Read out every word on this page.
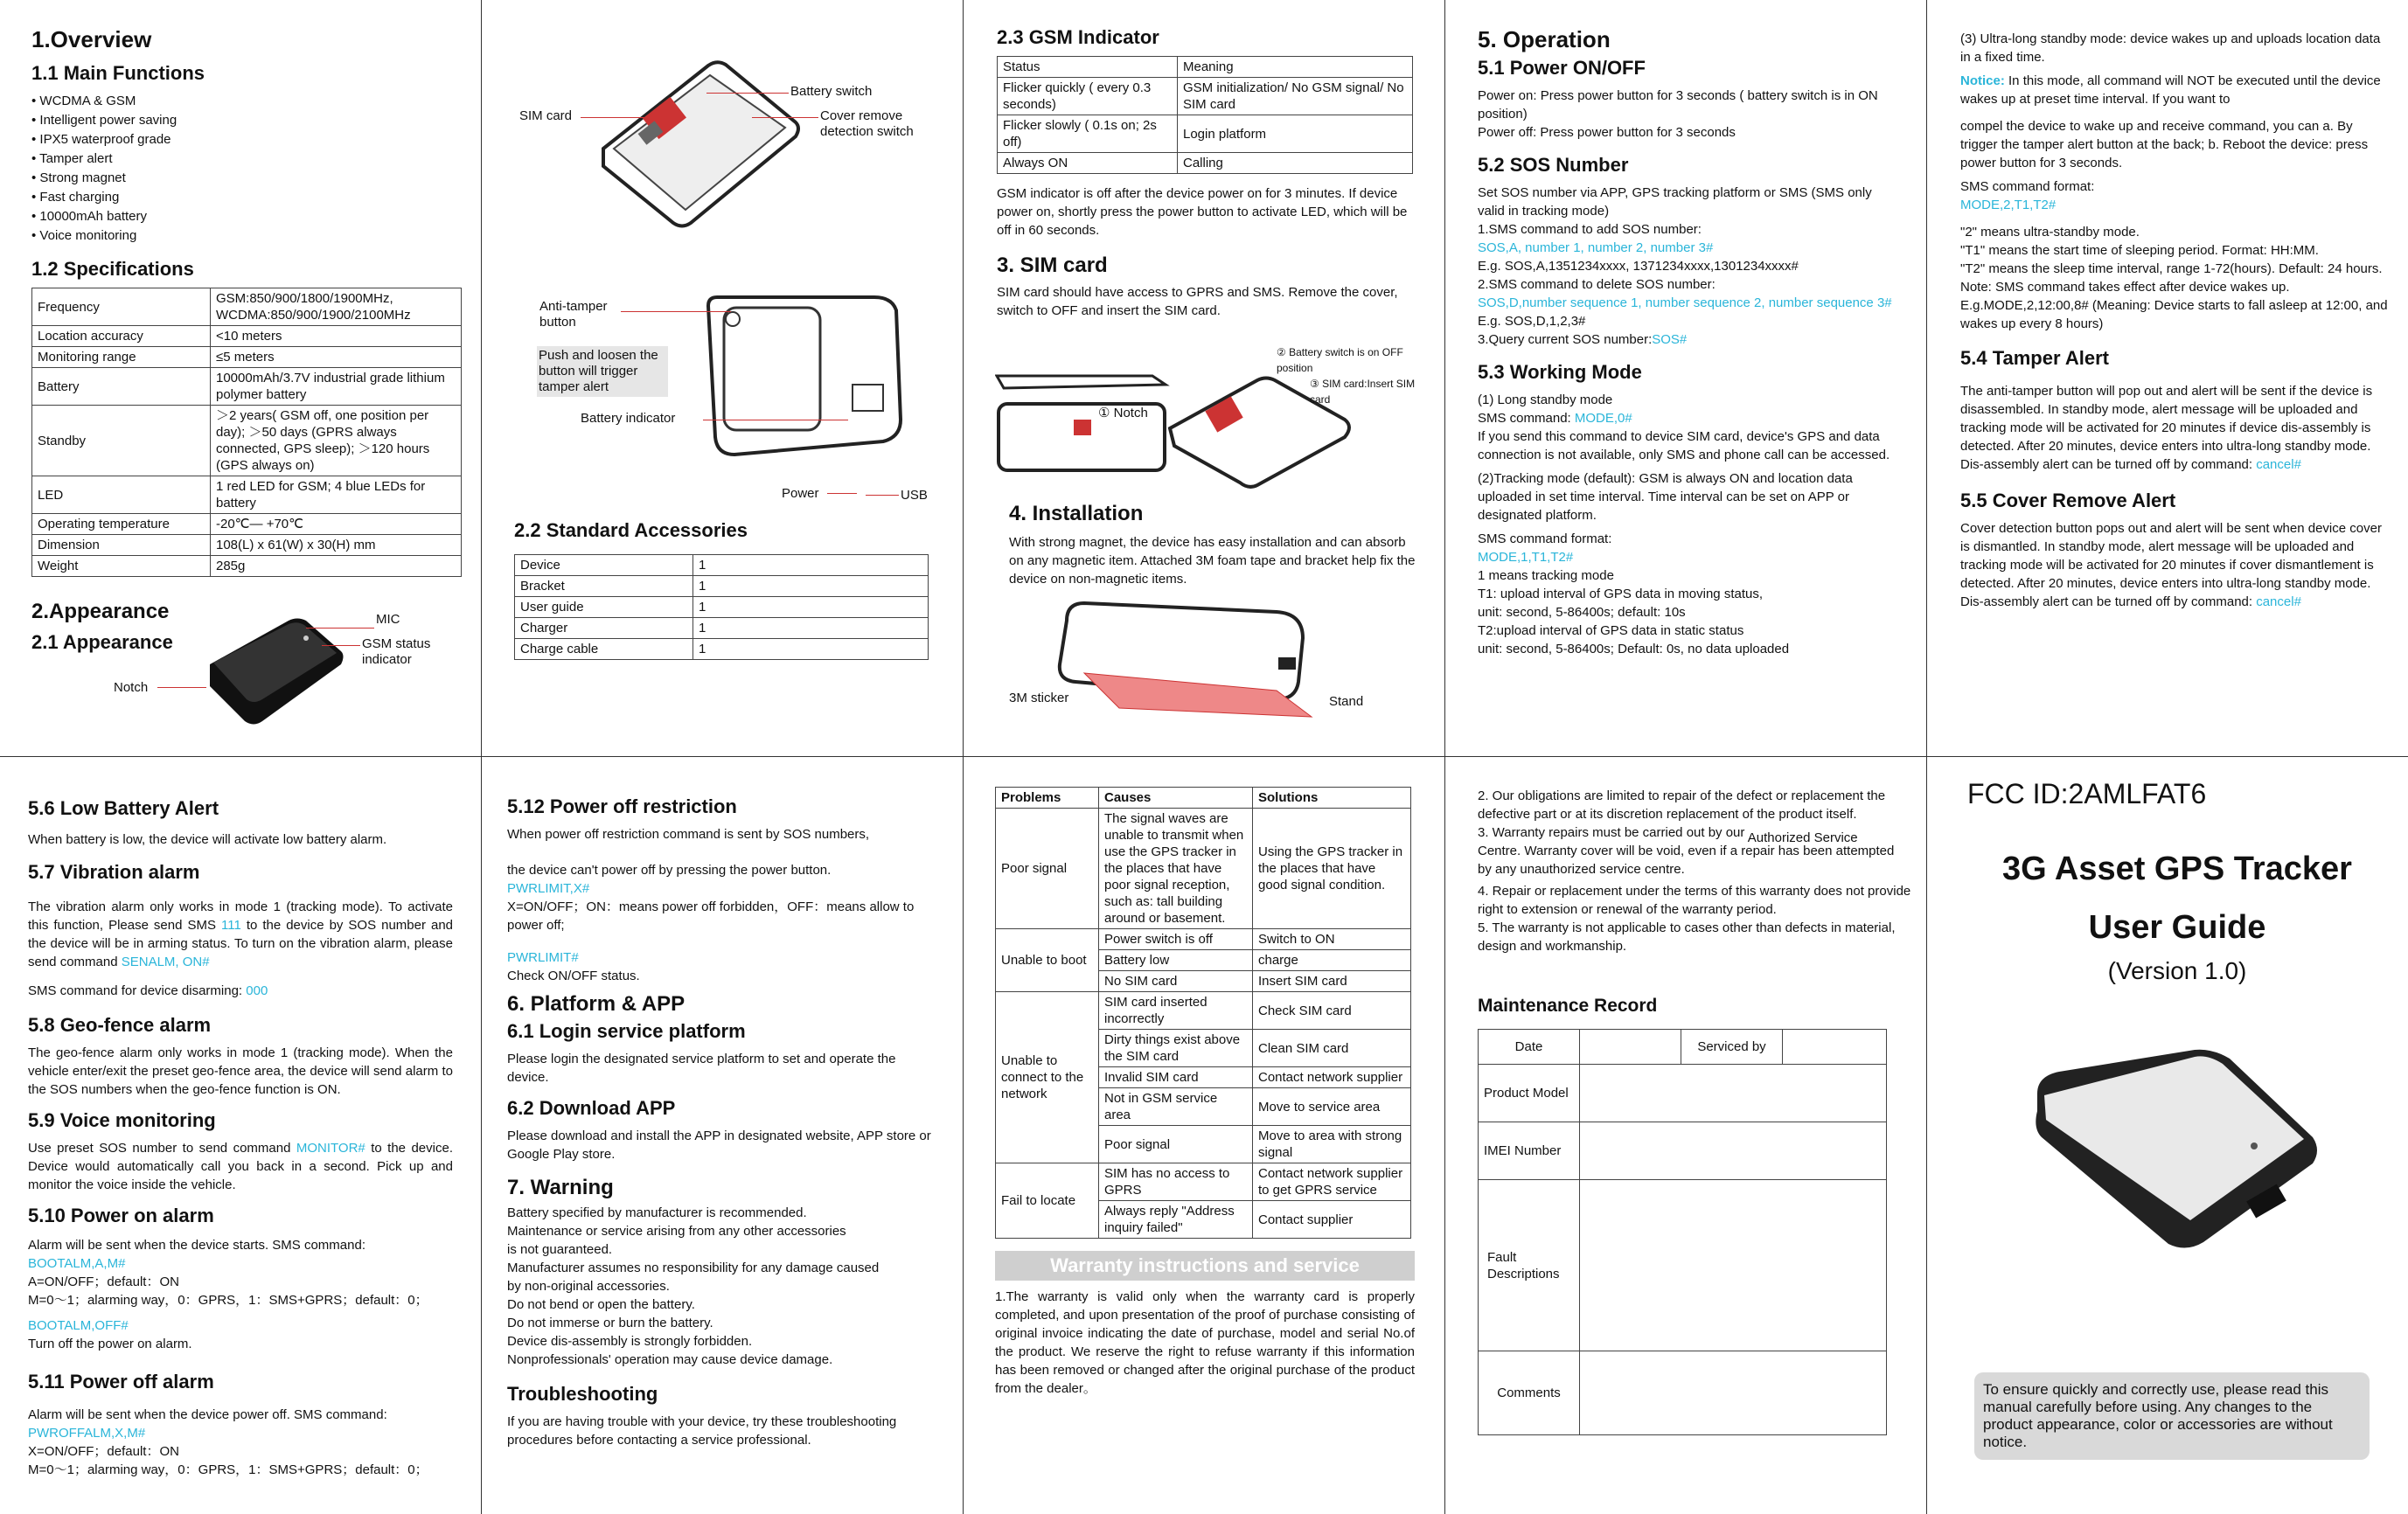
1.Overview
1.1 Main Functions
• WCDMA & GSM
• Intelligent power saving
• IPX5 waterproof grade
• Tamper alert
• Strong magnet
• Fast charging
• 10000mAh battery
• Voice monitoring
1.2 Specifications
Frequency	GSM:850/900/1800/1900MHz, WCDMA:850/900/1900/2100MHz
Location accuracy	<10 meters
Monitoring range	≤5 meters
Battery	10000mAh/3.7V industrial grade lithium polymer battery
Standby	＞2 years( GSM off, one position per day); ＞50 days (GPRS always connected, GPS sleep); ＞120 hours (GPS always on)
LED	1 red LED for GSM; 4 blue LEDs for battery
Operating temperature	-20℃— +70℃
Dimension	108(L) x 61(W) x 30(H) mm
Weight	285g
2.Appearance
2.1 Appearance
MIC
GSM status indicator
Notch
SIM card
Battery switch
Cover remove detection switch
Anti-tamper button
Push and loosen the button will trigger tamper alert
Battery indicator
Power	USB
2.2 Standard Accessories
Device	1
Bracket	1
User guide	1
Charger	1
Charge cable	1
2.3 GSM Indicator
Status	Meaning
Flicker quickly ( every 0.3 seconds)	GSM initialization/ No GSM signal/ No SIM card
Flicker slowly ( 0.1s on; 2s off)	Login platform
Always ON	Calling
GSM indicator is off after the device power on for 3 minutes. If device power on, shortly press the power button to activate LED, which will be off in 60 seconds.
3. SIM card
SIM card should have access to GPRS and SMS. Remove the cover, switch to OFF and insert the SIM card.
① Notch
② Battery switch is on OFF position
③ SIM card:Insert SIM card
4. Installation
With strong magnet, the device has easy installation and can absorb on any magnetic item. Attached 3M foam tape and bracket help fix the device on non-magnetic items.
3M sticker	Stand
5. Operation
5.1 Power ON/OFF
Power on: Press power button for 3 seconds ( battery switch is in ON position)
Power off: Press power button for 3 seconds
5.2 SOS Number
Set SOS number via APP, GPS tracking platform or SMS (SMS only valid in tracking mode)
1.SMS command to add SOS number:
SOS,A, number 1, number 2, number 3#
E.g. SOS,A,1351234xxxx, 1371234xxxx,1301234xxxx#
2.SMS command to delete SOS number:
SOS,D,number sequence 1, number sequence 2, number sequence 3#
E.g. SOS,D,1,2,3#
3.Query current SOS number:SOS#
5.3 Working Mode
(1) Long standby mode
SMS command: MODE,0#
If you send this command to device SIM card, device's GPS and data connection is not available, only SMS and phone call can be accessed.
(2)Tracking mode (default): GSM is always ON and location data uploaded in set time interval. Time interval can be set on APP or designated platform.
SMS command format:
MODE,1,T1,T2#
1 means tracking mode
T1: upload interval of GPS data in moving status,
unit: second, 5-86400s; default: 10s
T2:upload interval of GPS data in static status
unit: second, 5-86400s; Default: 0s, no data uploaded
(3) Ultra-long standby mode: device wakes up and uploads location data in a fixed time.
Notice: In this mode, all command will NOT be executed until the device wakes up at preset time interval. If you want to
compel the device to wake up and receive command, you can a. By trigger the tamper alert button at the back; b. Reboot the device: press power button for 3 seconds.
SMS command format:
MODE,2,T1,T2#
"2" means ultra-standby mode.
"T1" means the start time of sleeping period. Format: HH:MM.
"T2" means the sleep time interval, range 1-72(hours). Default: 24 hours.
Note: SMS command takes effect after device wakes up.
E.g.MODE,2,12:00,8# (Meaning: Device starts to fall asleep at 12:00, and wakes up every 8 hours)
5.4 Tamper Alert
The anti-tamper button will pop out and alert will be sent if the device is disassembled. In standby mode, alert message will be uploaded and tracking mode will be activated for 20 minutes if device dis-assembly is detected. After 20 minutes, device enters into ultra-long standby mode. Dis-assembly alert can be turned off by command: cancel#
5.5 Cover Remove Alert
Cover detection button pops out and alert will be sent when device cover is dismantled. In standby mode, alert message will be uploaded and tracking mode will be activated for 20 minutes if cover dismantlement is detected. After 20 minutes, device enters into ultra-long standby mode. Dis-assembly alert can be turned off by command: cancel#
5.6 Low Battery Alert
When battery is low, the device will activate low battery alarm.
5.7 Vibration alarm
The vibration alarm only works in mode 1 (tracking mode). To activate this function, Please send SMS 111 to the device by SOS number and the device will be in arming status. To turn on the vibration alarm, please send command SENALM, ON#
SMS command for device disarming: 000
5.8 Geo-fence alarm
The geo-fence alarm only works in mode 1 (tracking mode). When the vehicle enter/exit the preset geo-fence area, the device will send alarm to the SOS numbers when the geo-fence function is ON.
5.9 Voice monitoring
Use preset SOS number to send command MONITOR# to the device. Device would automatically call you back in a second. Pick up and monitor the voice inside the vehicle.
5.10 Power on alarm
Alarm will be sent when the device starts. SMS command:
BOOTALM,A,M#
A=ON/OFF；default：ON
M=0～1；alarming way，0：GPRS，1：SMS+GPRS；default：0；
BOOTALM,OFF#
Turn off the power on alarm.
5.11 Power off alarm
Alarm will be sent when the device power off. SMS command:
PWROFFALM,X,M#
X=ON/OFF；default：ON
M=0～1；alarming way，0：GPRS，1：SMS+GPRS；default：0；
5.12 Power off restriction
When power off restriction command is sent by SOS numbers,
the device can't power off by pressing the power button.
PWRLIMIT,X#
X=ON/OFF；ON：means power off forbidden，OFF：means allow to power off;
PWRLIMIT#
Check ON/OFF status.
6. Platform & APP
6.1 Login service platform
Please login the designated service platform to set and operate the device.
6.2 Download APP
Please download and install the APP in designated website, APP store or Google Play store.
7. Warning
Battery specified by manufacturer is recommended.
Maintenance or service arising from any other accessories
is not guaranteed.
Manufacturer assumes no responsibility for any damage caused
by non-original accessories.
Do not bend or open the battery.
Do not immerse or burn the battery.
Device dis-assembly is strongly forbidden.
Nonprofessionals' operation may cause device damage.
Troubleshooting
If you are having trouble with your device, try these troubleshooting procedures before contacting a service professional.
Problems	Causes	Solutions
Poor signal	The signal waves are unable to transmit when use the GPS tracker in the places that have poor signal reception, such as: tall building around or basement.	Using the GPS tracker in the places that have good signal condition.
Unable to boot	Power switch is off	Switch to ON
	Battery low	charge
	No SIM card	Insert SIM card
Unable to connect to the network	SIM card inserted incorrectly	Check SIM card
	Dirty things exist above the SIM card	Clean SIM card
	Invalid SIM card	Contact network supplier
	Not in GSM service area	Move to service area
	Poor signal	Move to area with strong signal
Fail to locate	SIM has no access to GPRS	Contact network supplier to get GPRS service
	Always reply "Address inquiry failed"	Contact supplier
Warranty instructions and service
1.The warranty is valid only when the warranty card is properly completed, and upon presentation of the proof of purchase consisting of original invoice indicating the date of purchase, model and serial No.of the product. We reserve the right to refuse warranty if this information has been removed or changed after the original purchase of the product from the dealer。
2. Our obligations are limited to repair of the defect or replacement the defective part or at its discretion replacement of the product itself.
3. Warranty repairs must be carried out by our Authorized Service
Centre. Warranty cover will be void, even if a repair has been attempted by any unauthorized service centre.
4. Repair or replacement under the terms of this warranty does not provide right to extension or renewal of the warranty period.
5. The warranty is not applicable to cases other than defects in material, design and workmanship.
Maintenance Record
Date		Serviced by	
Product Model			
IMEI Number			
Fault Descriptions			
Comments			
FCC ID:2AMLFAT6
3G Asset GPS Tracker
User Guide
(Version 1.0)
To ensure quickly and correctly use, please read this manual carefully before using. Any changes to the product appearance, color or accessories are without notice.
